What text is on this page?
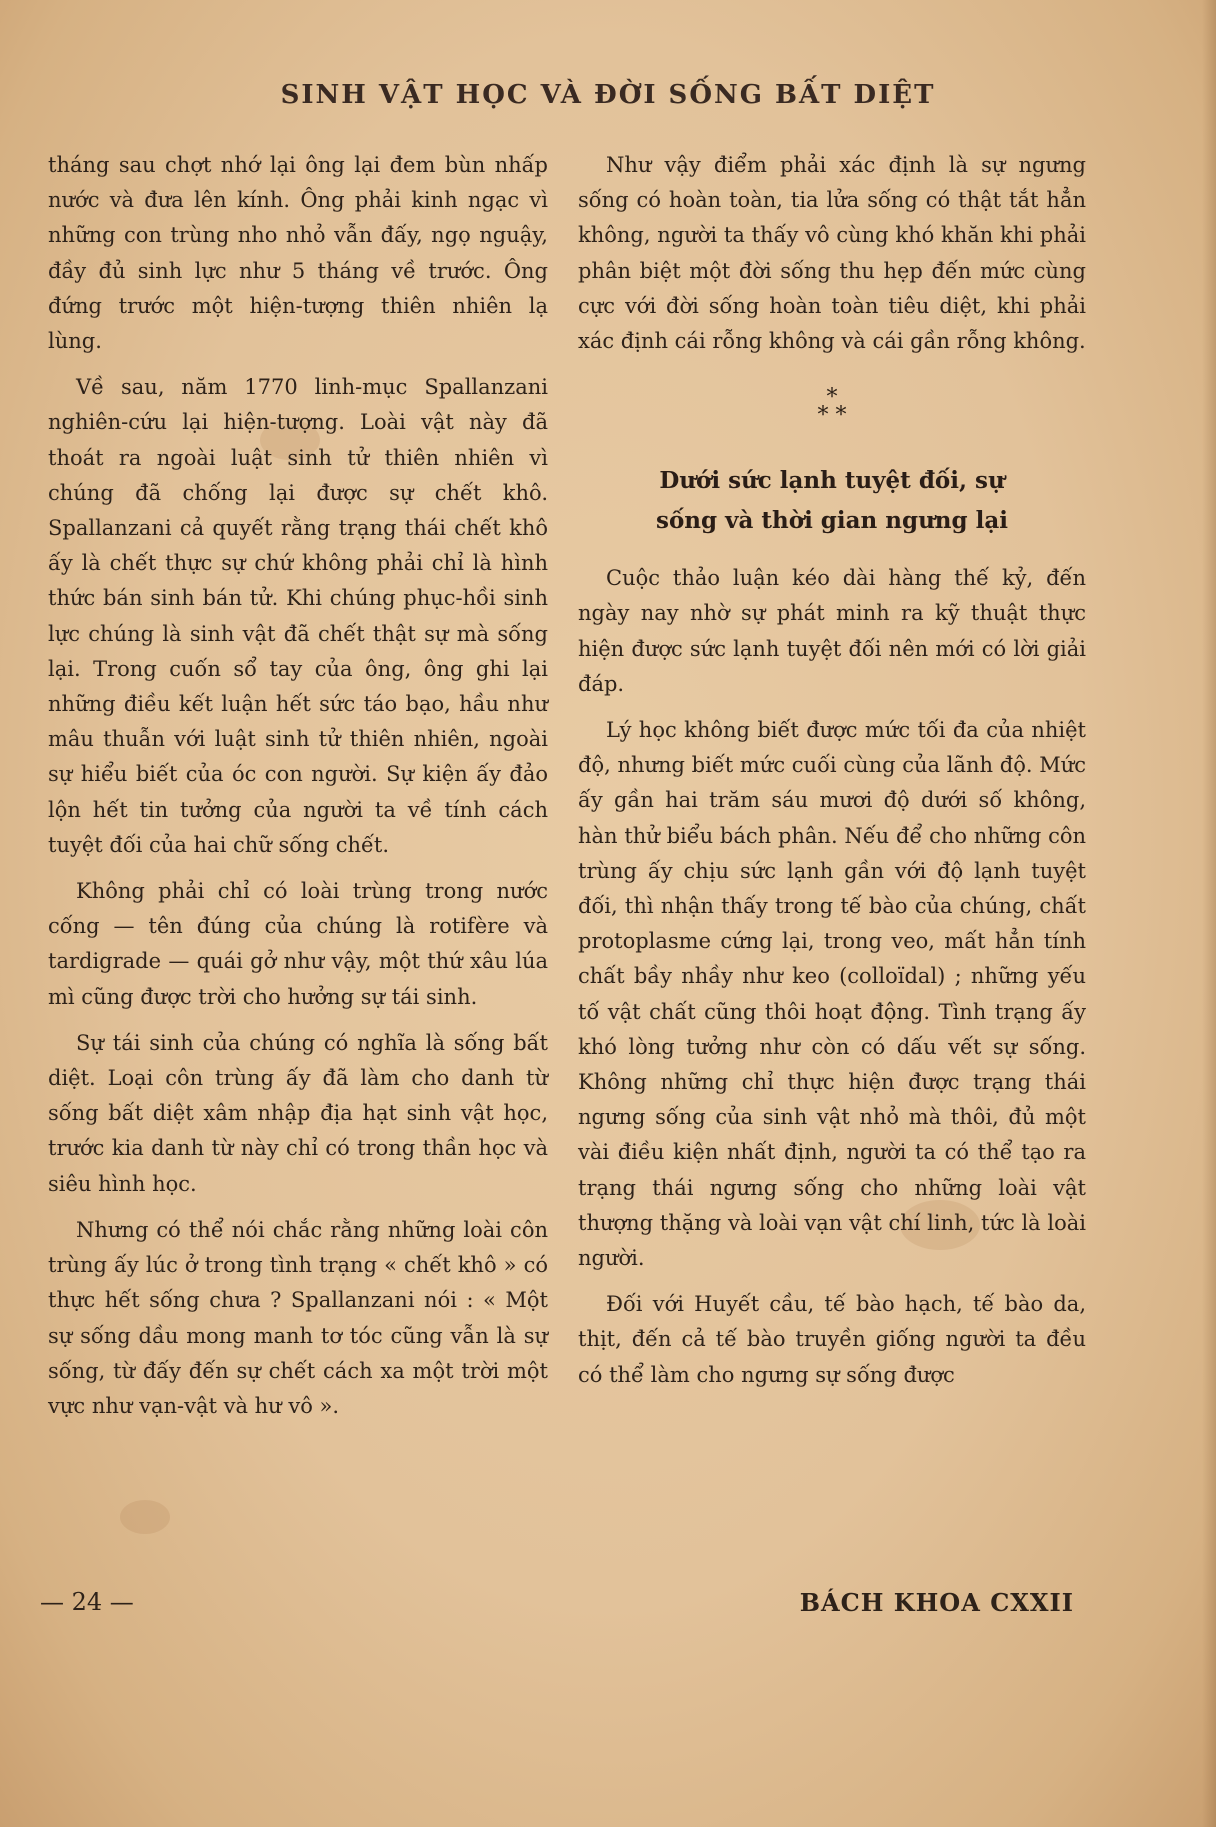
SINH VẬT HỌC VÀ ĐỜI SỐNG BẤT DIỆT

tháng sau chợt nhớ lại ông lại đem bùn nhấp nước và đưa lên kính. Ông phải kinh ngạc vì những con trùng nho nhỏ vẫn đấy, ngọ nguậy, đầy đủ sinh lực như 5 tháng về trước. Ông đứng trước một hiện-tượng thiên nhiên lạ lùng.

Về sau, năm 1770 linh-mục Spallanzani nghiên-cứu lại hiện-tượng. Loài vật này đã thoát ra ngoài luật sinh tử thiên nhiên vì chúng đã chống lại được sự chết khô. Spallanzani cả quyết rằng trạng thái chết khô ấy là chết thực sự chứ không phải chỉ là hình thức bán sinh bán tử. Khi chúng phục-hồi sinh lực chúng là sinh vật đã chết thật sự mà sống lại. Trong cuốn sổ tay của ông, ông ghi lại những điều kết luận hết sức táo bạo, hầu như mâu thuẫn với luật sinh tử thiên nhiên, ngoài sự hiểu biết của óc con người. Sự kiện ấy đảo lộn hết tin tưởng của người ta về tính cách tuyệt đối của hai chữ sống chết.

Không phải chỉ có loài trùng trong nước cống — tên đúng của chúng là rotifère và tardigrade — quái gở như vậy, một thứ xâu lúa mì cũng được trời cho hưởng sự tái sinh.

Sự tái sinh của chúng có nghĩa là sống bất diệt. Loại côn trùng ấy đã làm cho danh từ sống bất diệt xâm nhập địa hạt sinh vật học, trước kia danh từ này chỉ có trong thần học và siêu hình học.

Nhưng có thể nói chắc rằng những loài côn trùng ấy lúc ở trong tình trạng « chết khô » có thực hết sống chưa ? Spallanzani nói : « Một sự sống dầu mong manh tơ tóc cũng vẫn là sự sống, từ đấy đến sự chết cách xa một trời một vực như vạn-vật và hư vô ».

Như vậy điểm phải xác định là sự ngưng sống có hoàn toàn, tia lửa sống có thật tắt hẳn không, người ta thấy vô cùng khó khăn khi phải phân biệt một đời sống thu hẹp đến mức cùng cực với đời sống hoàn toàn tiêu diệt, khi phải xác định cái rỗng không và cái gần rỗng không.

*
* *
Dưới sức lạnh tuyệt đối, sự
sống và thời gian ngưng lại

Cuộc thảo luận kéo dài hàng thế kỷ, đến ngày nay nhờ sự phát minh ra kỹ thuật thực hiện được sức lạnh tuyệt đối nên mới có lời giải đáp.

Lý học không biết được mức tối đa của nhiệt độ, nhưng biết mức cuối cùng của lãnh độ. Mức ấy gần hai trăm sáu mươi độ dưới số không, hàn thử biểu bách phân. Nếu để cho những côn trùng ấy chịu sức lạnh gần với độ lạnh tuyệt đối, thì nhận thấy trong tế bào của chúng, chất protoplasme cứng lại, trong veo, mất hẳn tính chất bầy nhầy như keo (colloïdal) ; những yếu tố vật chất cũng thôi hoạt động. Tình trạng ấy khó lòng tưởng như còn có dấu vết sự sống. Không những chỉ thực hiện được trạng thái ngưng sống của sinh vật nhỏ mà thôi, đủ một vài điều kiện nhất định, người ta có thể tạo ra trạng thái ngưng sống cho những loài vật thượng thặng và loài vạn vật chí linh, tức là loài người.

Đối với Huyết cầu, tế bào hạch, tế bào da, thịt, đến cả tế bào truyền giống người ta đều có thể làm cho ngưng sự sống được

— 24 —	BÁCH KHOA CXXII
